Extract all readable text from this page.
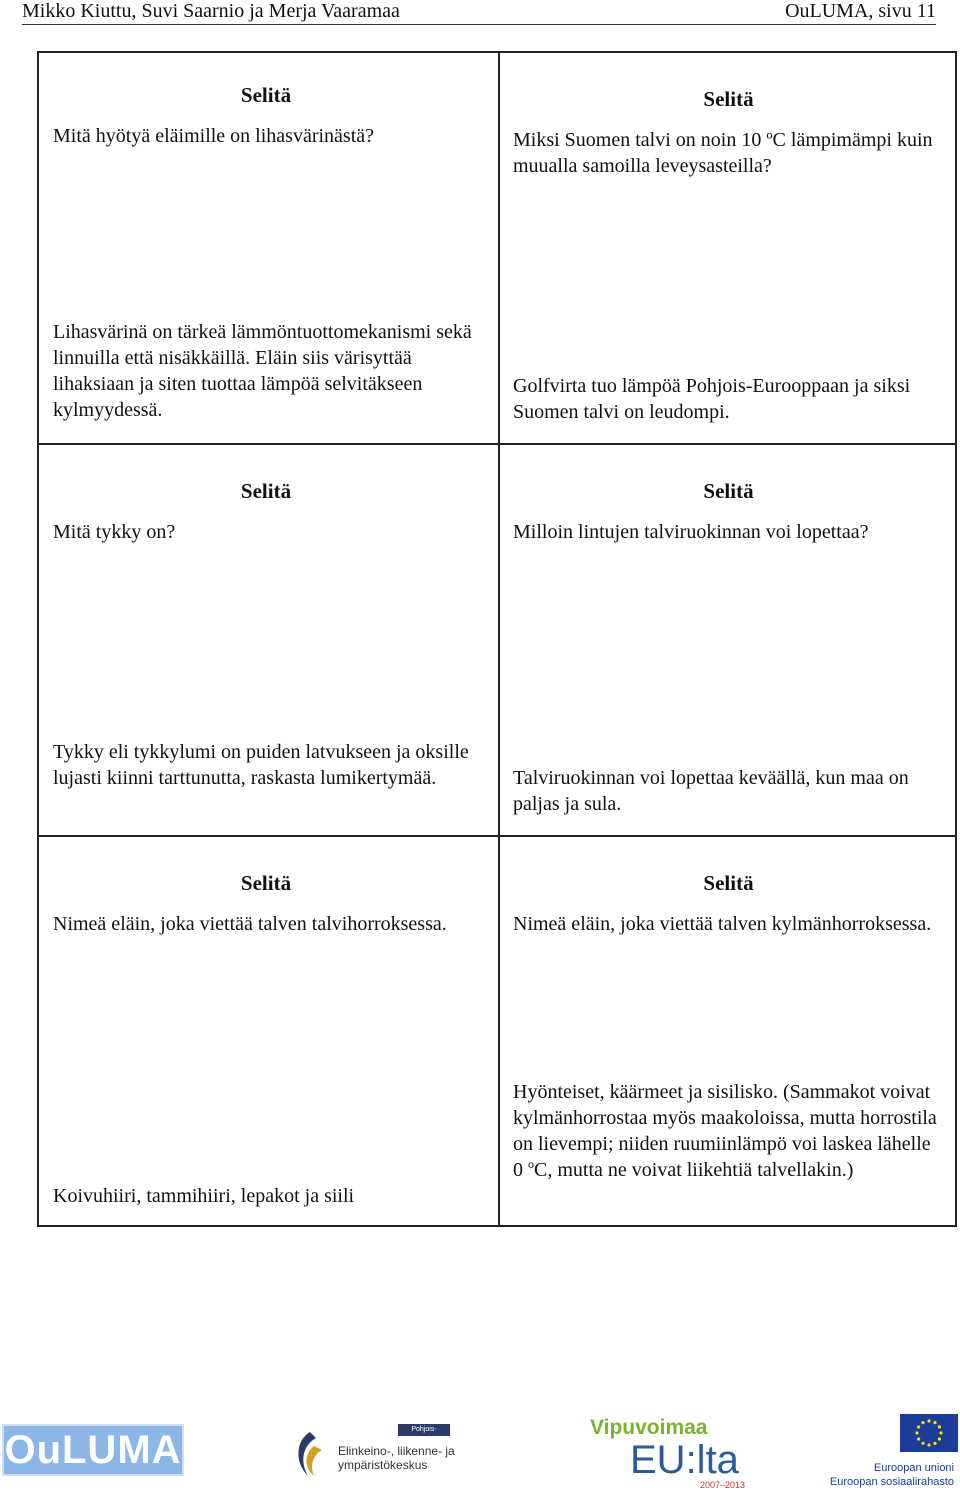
Mikko Kiuttu, Suvi Saarnio ja Merja Vaaramaa	OuLUMA, sivu 11
Selitä
Mitä hyötyä eläimille on lihasvärinästä?
Lihasvärinä on tärkeä lämmöntuottomekanismi sekä linnuilla että nisäkkäillä. Eläin siis värisyttää lihaksiaan ja siten tuottaa lämpöä selvitäkseen kylmyydessä.
Selitä
Miksi Suomen talvi on noin 10 ºC lämpimämpi kuin muualla samoilla leveysasteilla?
Golfvirta tuo lämpöä Pohjois-Eurooppaan ja siksi Suomen talvi on leudompi.
Selitä
Mitä tykky on?
Tykky eli tykkylumi on puiden latvukseen ja oksille lujasti kiinni tarttunutta, raskasta lumikertymää.
Selitä
Milloin lintujen talviruokinnan voi lopettaa?
Talviruokinnan voi lopettaa keväällä, kun maa on paljas ja sula.
Selitä
Nimeä eläin, joka viettää talven talvihorroksessa.
Koivuhiiri, tammihiiri, lepakot ja siili
Selitä
Nimeä eläin, joka viettää talven kylmänhorroksessa.
Hyönteiset, käärmeet ja sisilisko. (Sammakot voivat kylmänhorrostaa myös maakoloissa, mutta horrostila on lievempi; niiden ruumiinlämpö voi laskea lähelle 0 $^o$C, mutta ne voivat liikehtiä talvellakin.)
OuLUMA	Pohjois-Pohjanmaa
Elinkeino-, liikenne- ja
ympäristökeskus
Vipuvoimaa
EU:lta
2007–2013
Euroopan unioni
Euroopan sosiaalirahasto
